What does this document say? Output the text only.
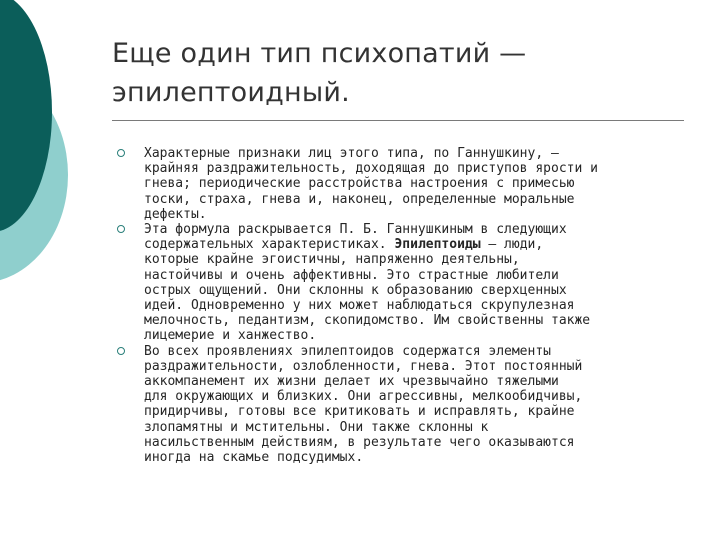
Еще один тип психопатий —
эпилептоидный.
Характерные признаки лиц этого типа, по Ганнушкину, —
крайняя раздражительность, доходящая до приступов ярости и
гнева; периодические расстройства настроения с примесью
тоски, страха, гнева и, наконец, определенные моральные
дефекты.
Эта формула раскрывается П. Б. Ганнушкиным в следующих
содержательных характеристиках. Эпилептоиды — люди,
которые крайне эгоистичны, напряженно деятельны,
настойчивы и очень аффективны. Это страстные любители
острых ощущений. Они склонны к образованию сверхценных
идей. Одновременно у них может наблюдаться скрупулезная
мелочность, педантизм, скопидомство. Им свойственны также
лицемерие и ханжество.
Во всех проявлениях эпилептоидов содержатся элементы
раздражительности, озлобленности, гнева. Этот постоянный
аккомпанемент их жизни делает их чрезвычайно тяжелыми
для окружающих и близких. Они агрессивны, мелкообидчивы,
придирчивы, готовы все критиковать и исправлять, крайне
злопамятны и мстительны. Они также склонны к
насильственным действиям, в результате чего оказываются
иногда на скамье подсудимых.
